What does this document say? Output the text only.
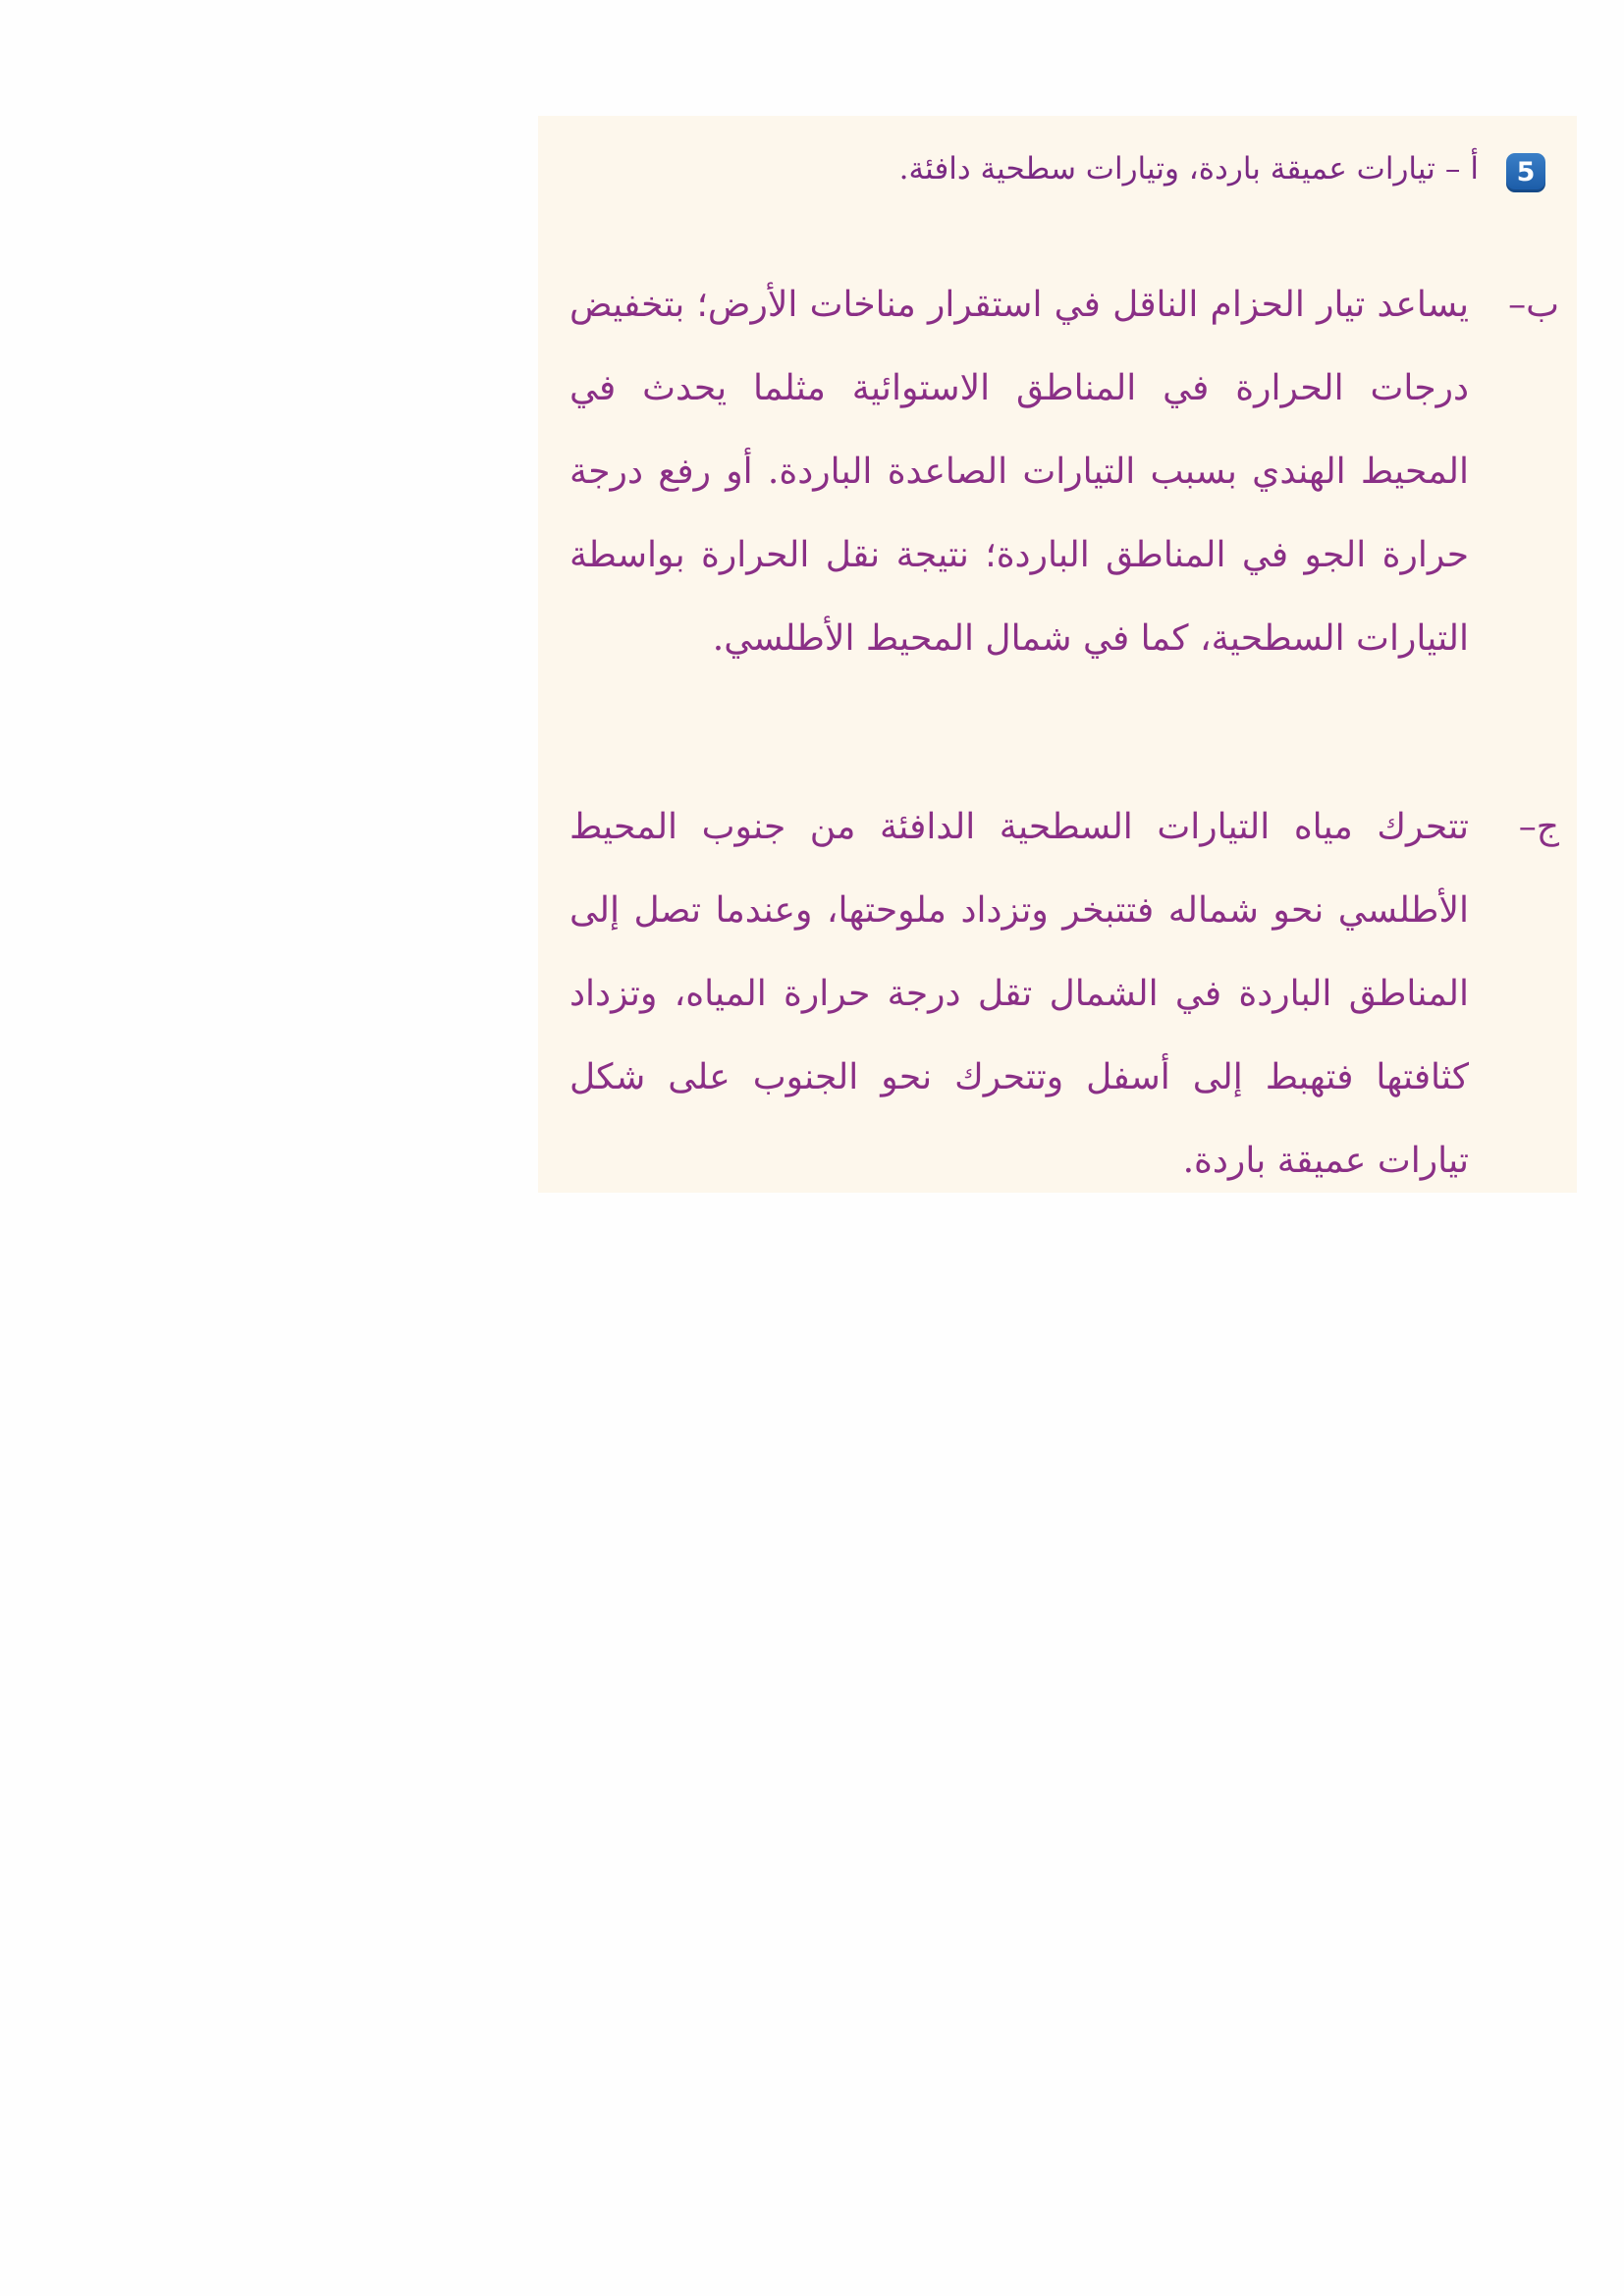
5
أ–تيارات عميقة باردة، وتيارات سطحية دافئة.
ب–
يساعد تيار الحزام الناقل في استقرار مناخات الأرض؛ بتخفيض درجات الحرارة في المناطق الاستوائية مثلما يحدث في المحيط الهندي بسبب التيارات الصاعدة الباردة. أو رفع درجة حرارة الجو في المناطق الباردة؛ نتيجة نقل الحرارة بواسطة التيارات السطحية، كما في شمال المحيط الأطلسي.
ج–
تتحرك مياه التيارات السطحية الدافئة من جنوب المحيط الأطلسي نحو شماله فتتبخر وتزداد ملوحتها، وعندما تصل إلى المناطق الباردة في الشمال تقل درجة حرارة المياه، وتزداد كثافتها فتهبط إلى أسفل وتتحرك نحو الجنوب على شكل تيارات عميقة باردة.
